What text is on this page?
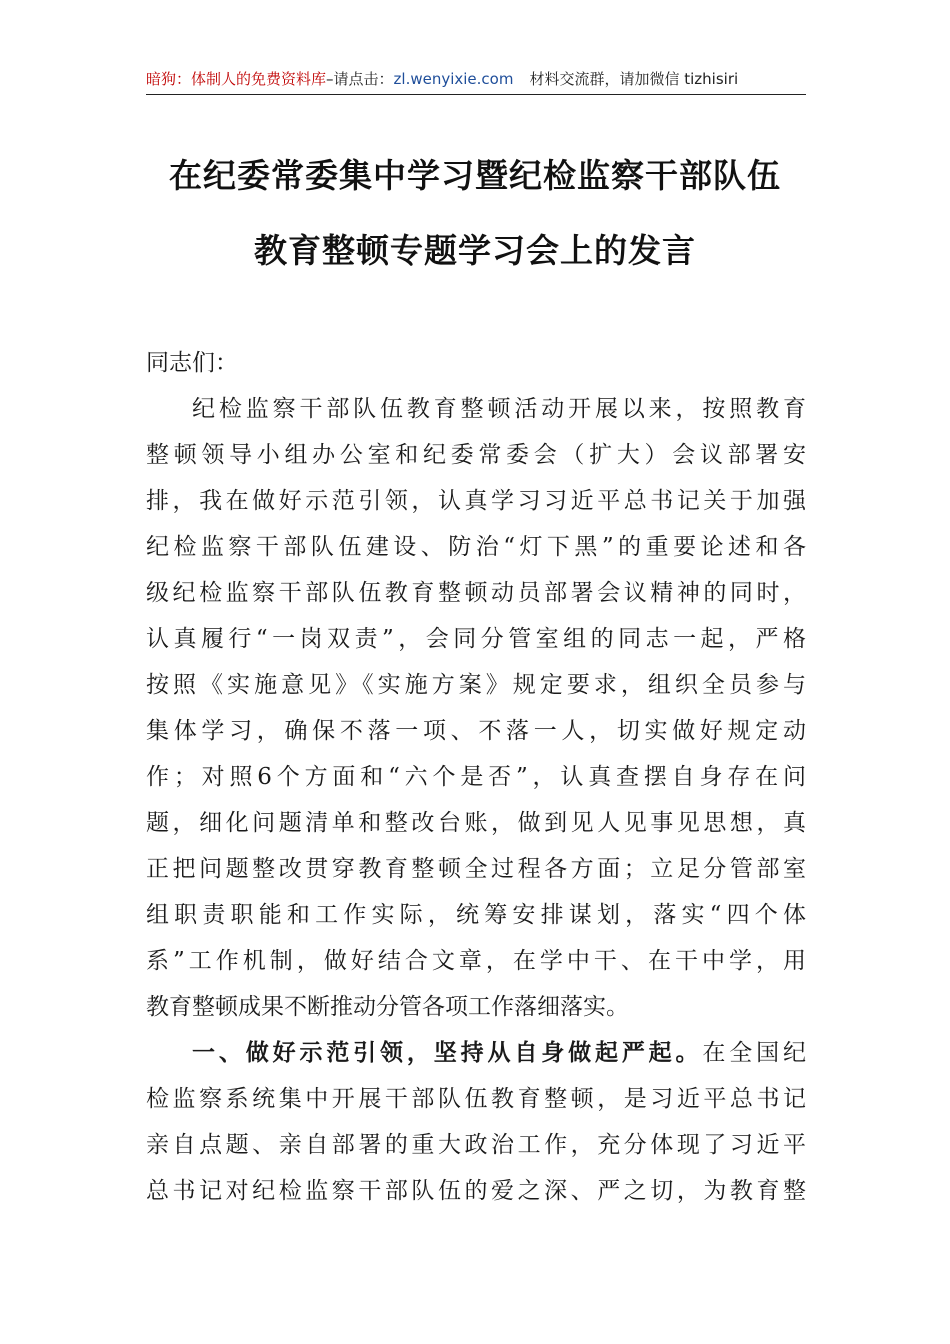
暗狗：体制人的免费资料库–请点击：zl.wenyixie.com 材料交流群，请加微信 tizhisiri
在纪委常委集中学习暨纪检监察干部队伍
教育整顿专题学习会上的发言
同志们：
纪检监察干部队伍教育整顿活动开展以来，按照教育
整顿领导小组办公室和纪委常委会（扩大）会议部署安
排，我在做好示范引领，认真学习习近平总书记关于加强
纪检监察干部队伍建设、防治“灯下黑”的重要论述和各
级纪检监察干部队伍教育整顿动员部署会议精神的同时，
认真履行“一岗双责”，会同分管室组的同志一起，严格
按照《实施意见》《实施方案》规定要求，组织全员参与
集体学习，确保不落一项、不落一人，切实做好规定动
作；对照6个方面和“六个是否”，认真查摆自身存在问
题，细化问题清单和整改台账，做到见人见事见思想，真
正把问题整改贯穿教育整顿全过程各方面；立足分管部室
组职责职能和工作实际，统筹安排谋划，落实“四个体
系”工作机制，做好结合文章，在学中干、在干中学，用
教育整顿成果不断推动分管各项工作落细落实。
一、做好示范引领，坚持从自身做起严起。在全国纪
检监察系统集中开展干部队伍教育整顿，是习近平总书记
亲自点题、亲自部署的重大政治工作，充分体现了习近平
总书记对纪检监察干部队伍的爱之深、严之切，为教育整
